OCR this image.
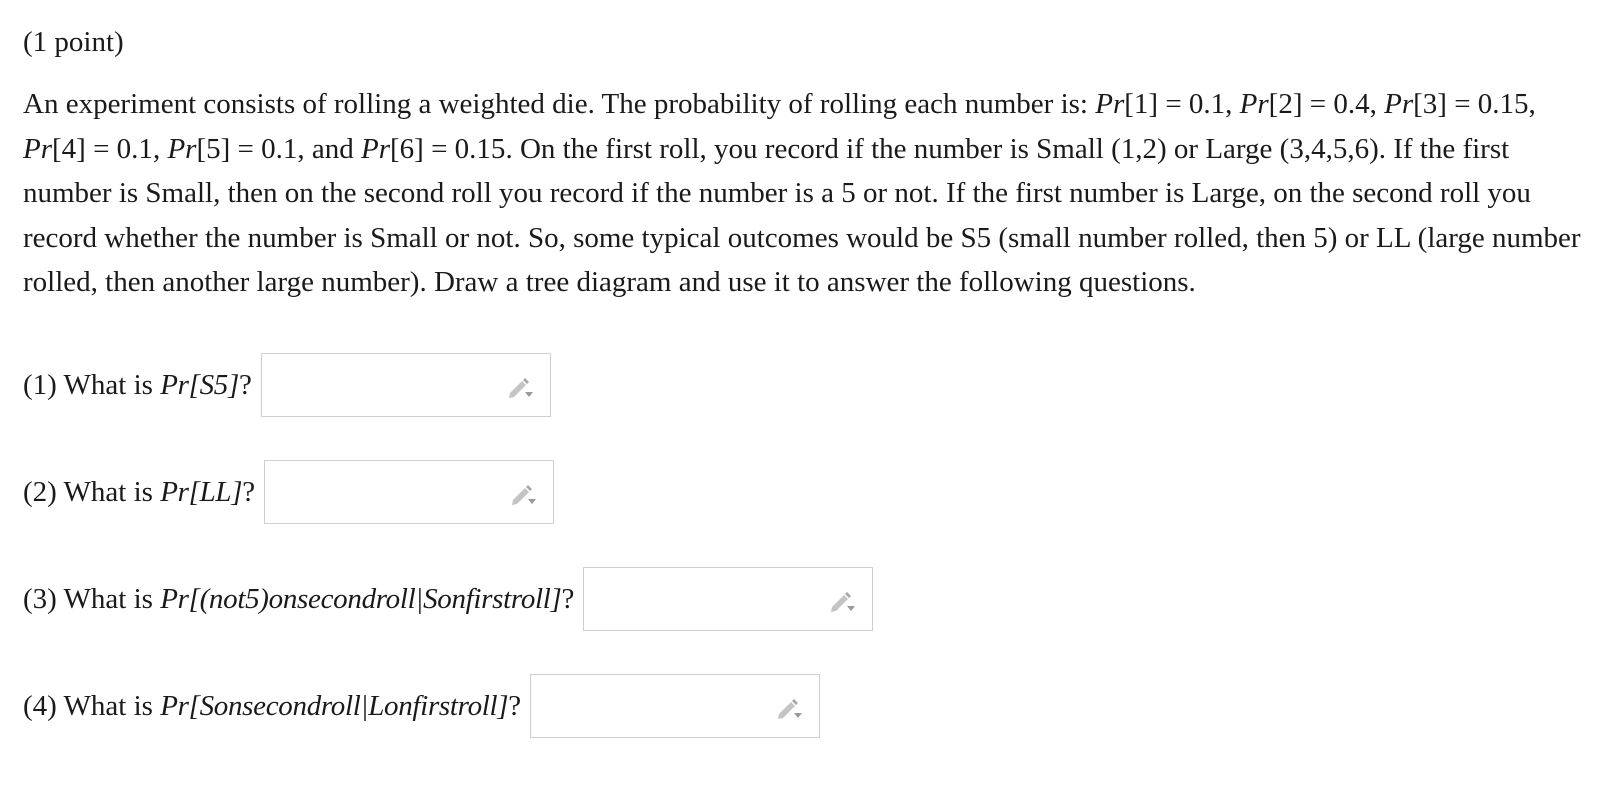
(1 point)

An experiment consists of rolling a weighted die. The probability of rolling each number is: Pr[1] = 0.1, Pr[2] = 0.4, Pr[3] = 0.15, Pr[4] = 0.1, Pr[5] = 0.1, and Pr[6] = 0.15. On the first roll, you record if the number is Small (1,2) or Large (3,4,5,6). If the first number is Small, then on the second roll you record if the number is a 5 or not. If the first number is Large, on the second roll you record whether the number is Small or not. So, some typical outcomes would be S5 (small number rolled, then 5) or LL (large number rolled, then another large number). Draw a tree diagram and use it to answer the following questions.

(1) What is Pr[S5]?
(2) What is Pr[LL]?
(3) What is Pr[(not5)onsecondroll|Sonfirstroll]?
(4) What is Pr[Sonsecondroll|Lonfirstroll]?
